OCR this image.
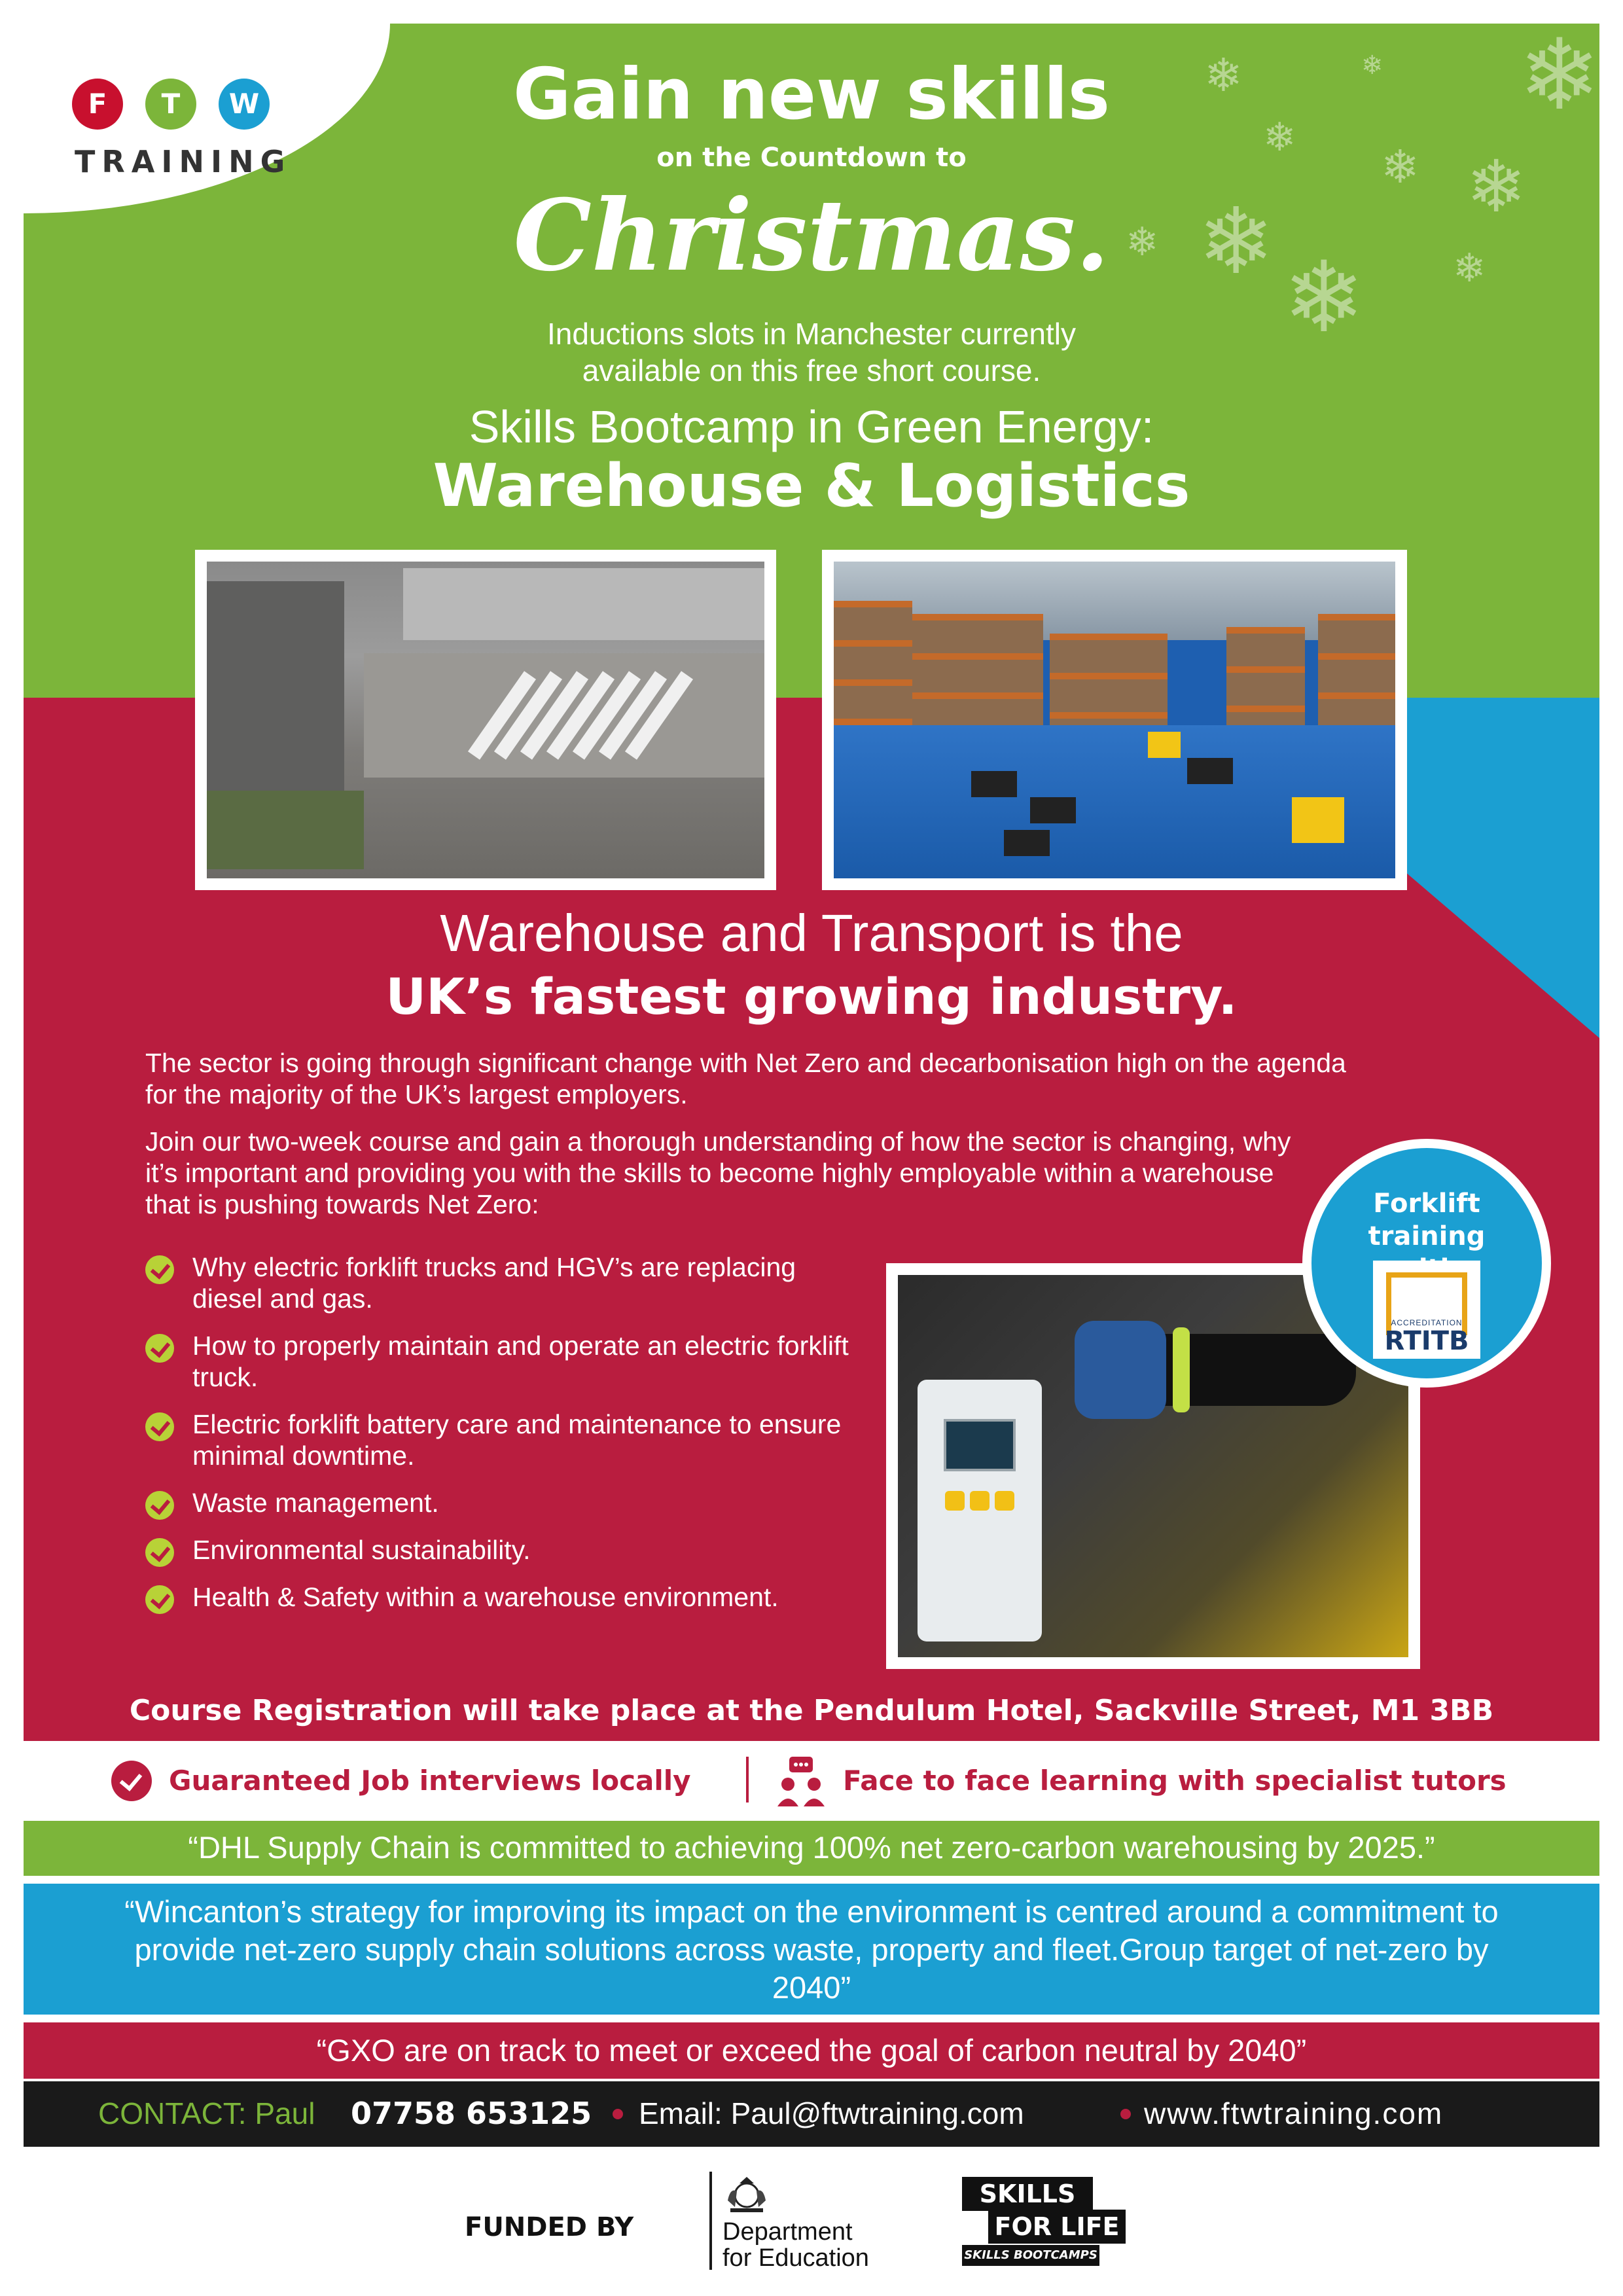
F	T	W
TRAINING
❄
❄	❄
❄
❄ ❄
❄
❄ ❄ ❄
Gain new skills
on the Countdown to
Christmas.
Inductions slots in Manchester currently available on this free short course.
Skills Bootcamp in Green Energy:
Warehouse & Logistics
Warehouse and Transport is the
UK’s fastest growing industry.

The sector is going through significant change with Net Zero and decarbonisation high on the agenda for the majority of the UK’s largest employers.

Join our two-week course and gain a thorough understanding of how the sector is changing, why it’s important and providing you with the skills to become highly employable within a warehouse that is pushing towards Net Zero:

Why electric forklift trucks and HGV’s are replacing diesel and gas.
How to properly maintain and operate an electric forklift truck.
Electric forklift battery care and maintenance to ensure minimal downtime.
Waste management.
Environmental sustainability.
Health & Safety within a warehouse environment.
Forklift training
ACCREDITATION
RTITB
Course Registration will take place at the Pendulum Hotel, Sackville Street, M1 3BB
Guaranteed Job interviews locally	Face to face learning with specialist tutors
“DHL Supply Chain is committed to achieving 100% net zero-carbon warehousing by 2025.”
“Wincanton’s strategy for improving its impact on the environment is centred around a commitment to provide net-zero supply chain solutions across waste, property and fleet.Group target of net-zero by 2040”
“GXO are on track to meet or exceed the goal of carbon neutral by 2040”
CONTACT: Paul 07758 653125 Email: Paul@ftwtraining.com	www.ftwtraining.com
FUNDED BY	Department
for Education
SKILLS
FOR LIFE
SKILLS BOOTCAMPS
